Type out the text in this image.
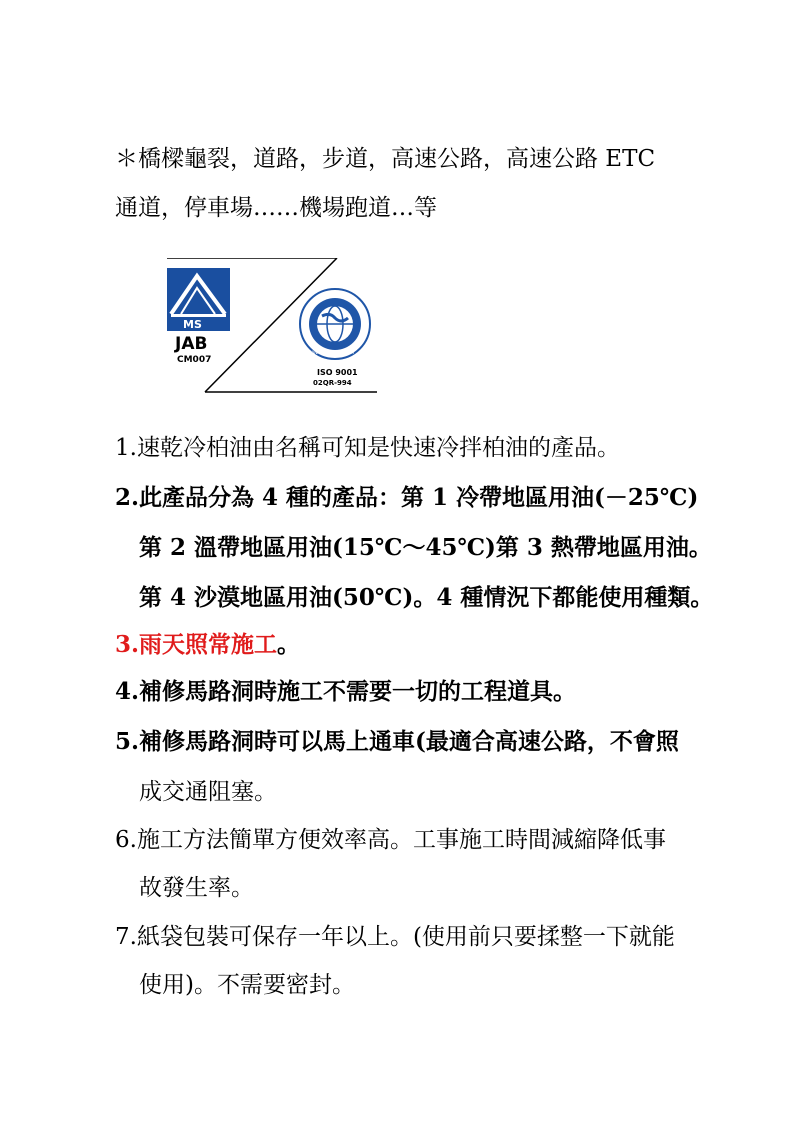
＊橋樑龜裂，道路，步道，高速公路，高速公路 ETC
通道，停車場……機場跑道…等
MS
JAB
CM007
KHK
MANAGEMENT SYSTEM
ISO 9001
02QR-994
1.速乾冷柏油由名稱可知是快速冷拌柏油的產品。
2.此產品分為 4 種的產品：第 1 冷帶地區用油(－25℃)
第 2 溫帶地區用油(15℃～45℃)第 3 熱帶地區用油。
第 4 沙漠地區用油(50℃)。4 種情況下都能使用種類。
3.雨天照常施工。
4.補修馬路洞時施工不需要一切的工程道具。
5.補修馬路洞時可以馬上通車(最適合高速公路，不會照
成交通阻塞。
6.施工方法簡單方便效率高。工事施工時間減縮降低事
故發生率。
7.紙袋包裝可保存一年以上。(使用前只要揉整一下就能
使用)。不需要密封。
